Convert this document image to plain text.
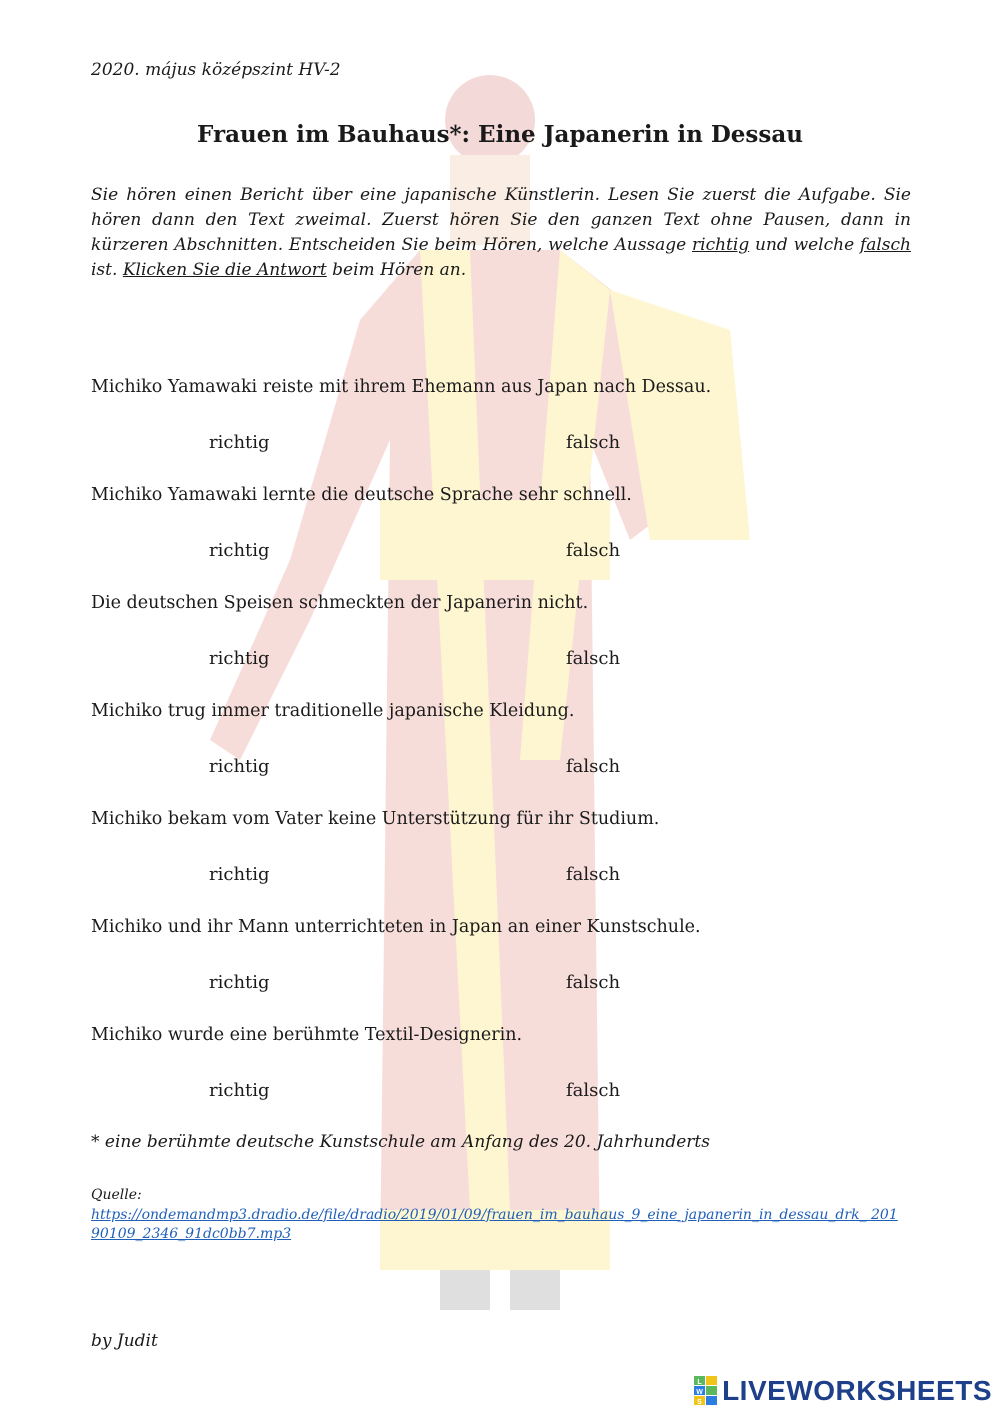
2020. május középszint HV-2
Frauen im Bauhaus*: Eine Japanerin in Dessau
Sie hören einen Bericht über eine japanische Künstlerin. Lesen Sie zuerst die Aufgabe. Sie hören dann den Text zweimal. Zuerst hören Sie den ganzen Text ohne Pausen, dann in kürzeren Abschnitten. Entscheiden Sie beim Hören, welche Aussage richtig und welche falsch ist. Klicken Sie die Antwort beim Hören an.
Michiko Yamawaki reiste mit ihrem Ehemann aus Japan nach Dessau.
richtig	falsch
Michiko Yamawaki lernte die deutsche Sprache sehr schnell.
richtig	falsch
Die deutschen Speisen schmeckten der Japanerin nicht.
richtig	falsch
Michiko trug immer traditionelle japanische Kleidung.
richtig	falsch
Michiko bekam vom Vater keine Unterstützung für ihr Studium.
richtig	falsch
Michiko und ihr Mann unterrichteten in Japan an einer Kunstschule.
richtig	falsch
Michiko wurde eine berühmte Textil-Designerin.
richtig	falsch
* eine berühmte deutsche Kunstschule am Anfang des 20. Jahrhunderts
Quelle:
https://ondemandmp3.dradio.de/file/dradio/2019/01/09/frauen_im_bauhaus_9_eine_japanerin_in_dessau_drk_ 20190109_2346_91dc0bb7.mp3
by Judit
L
W
S LIVEWORKSHEETS
